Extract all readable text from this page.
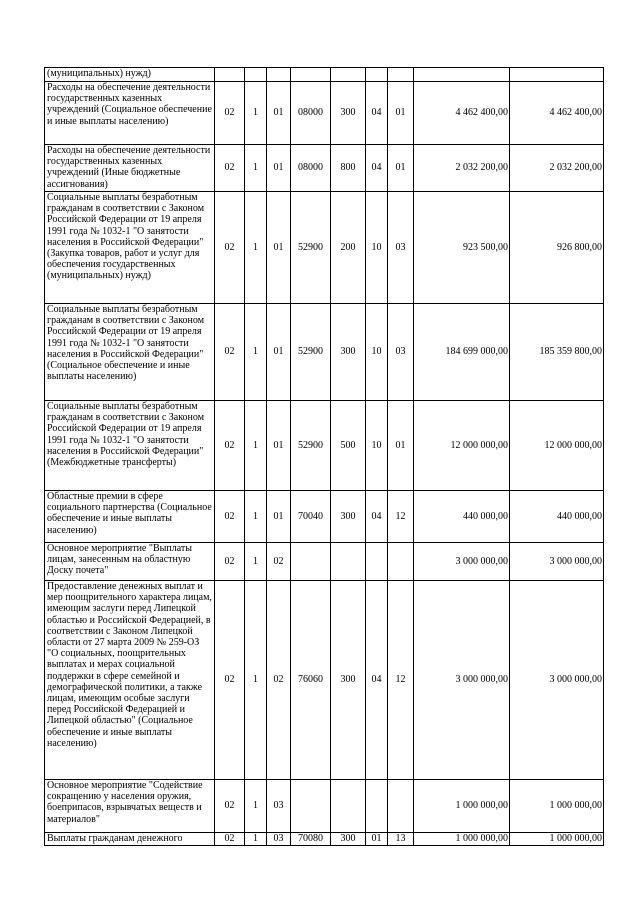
(муниципальных) нужд)									
Расходы на обеспечение деятельности государственных казенных учреждений (Социальное обеспечение и иные выплаты населению)	02	1	01	08000	300	04	01	4 462 400,00	4 462 400,00
Расходы на обеспечение деятельности государственных казенных учреждений (Иные бюджетные ассигнования)	02	1	01	08000	800	04	01	2 032 200,00	2 032 200,00
Социальные выплаты безработным гражданам в соответствии с Законом Российской Федерации от 19 апреля 1991 года № 1032-1 "О занятости населения в Российской Федерации" (Закупка товаров, работ и услуг для обеспечения государственных (муниципальных) нужд)	02	1	01	52900	200	10	03	923 500,00	926 800,00
Социальные выплаты безработным гражданам в соответствии с Законом Российской Федерации от 19 апреля 1991 года № 1032-1 "О занятости населения в Российской Федерации" (Социальное обеспечение и иные выплаты населению)	02	1	01	52900	300	10	03	184 699 000,00	185 359 800,00
Социальные выплаты безработным гражданам в соответствии с Законом Российской Федерации от 19 апреля 1991 года № 1032-1 "О занятости населения в Российской Федерации" (Межбюджетные трансферты)	02	1	01	52900	500	10	01	12 000 000,00	12 000 000,00
Областные премии в сфере социального партнерства (Социальное обеспечение и иные выплаты населению)	02	1	01	70040	300	04	12	440 000,00	440 000,00
Основное мероприятие "Выплаты лицам, занесенным на областную Доску почета"	02	1	02					3 000 000,00	3 000 000,00
Предоставление денежных выплат и мер поощрительного характера лицам, имеющим заслуги перед Липецкой областью и Российской Федерацией, в соответствии с Законом Липецкой области от 27 марта 2009 № 259-ОЗ "О социальных, поощрительных выплатах и мерах социальной поддержки в сфере семейной и демографической политики, а также лицам, имеющим особые заслуги перед Российской Федерацией и Липецкой областью" (Социальное обеспечение и иные выплаты населению)	02	1	02	76060	300	04	12	3 000 000,00	3 000 000,00
Основное мероприятие "Содействие сокращению у населения оружия, боеприпасов, взрывчатых веществ и материалов"	02	1	03					1 000 000,00	1 000 000,00
Выплаты гражданам денежного	02	1	03	70080	300	01	13	1 000 000,00	1 000 000,00
